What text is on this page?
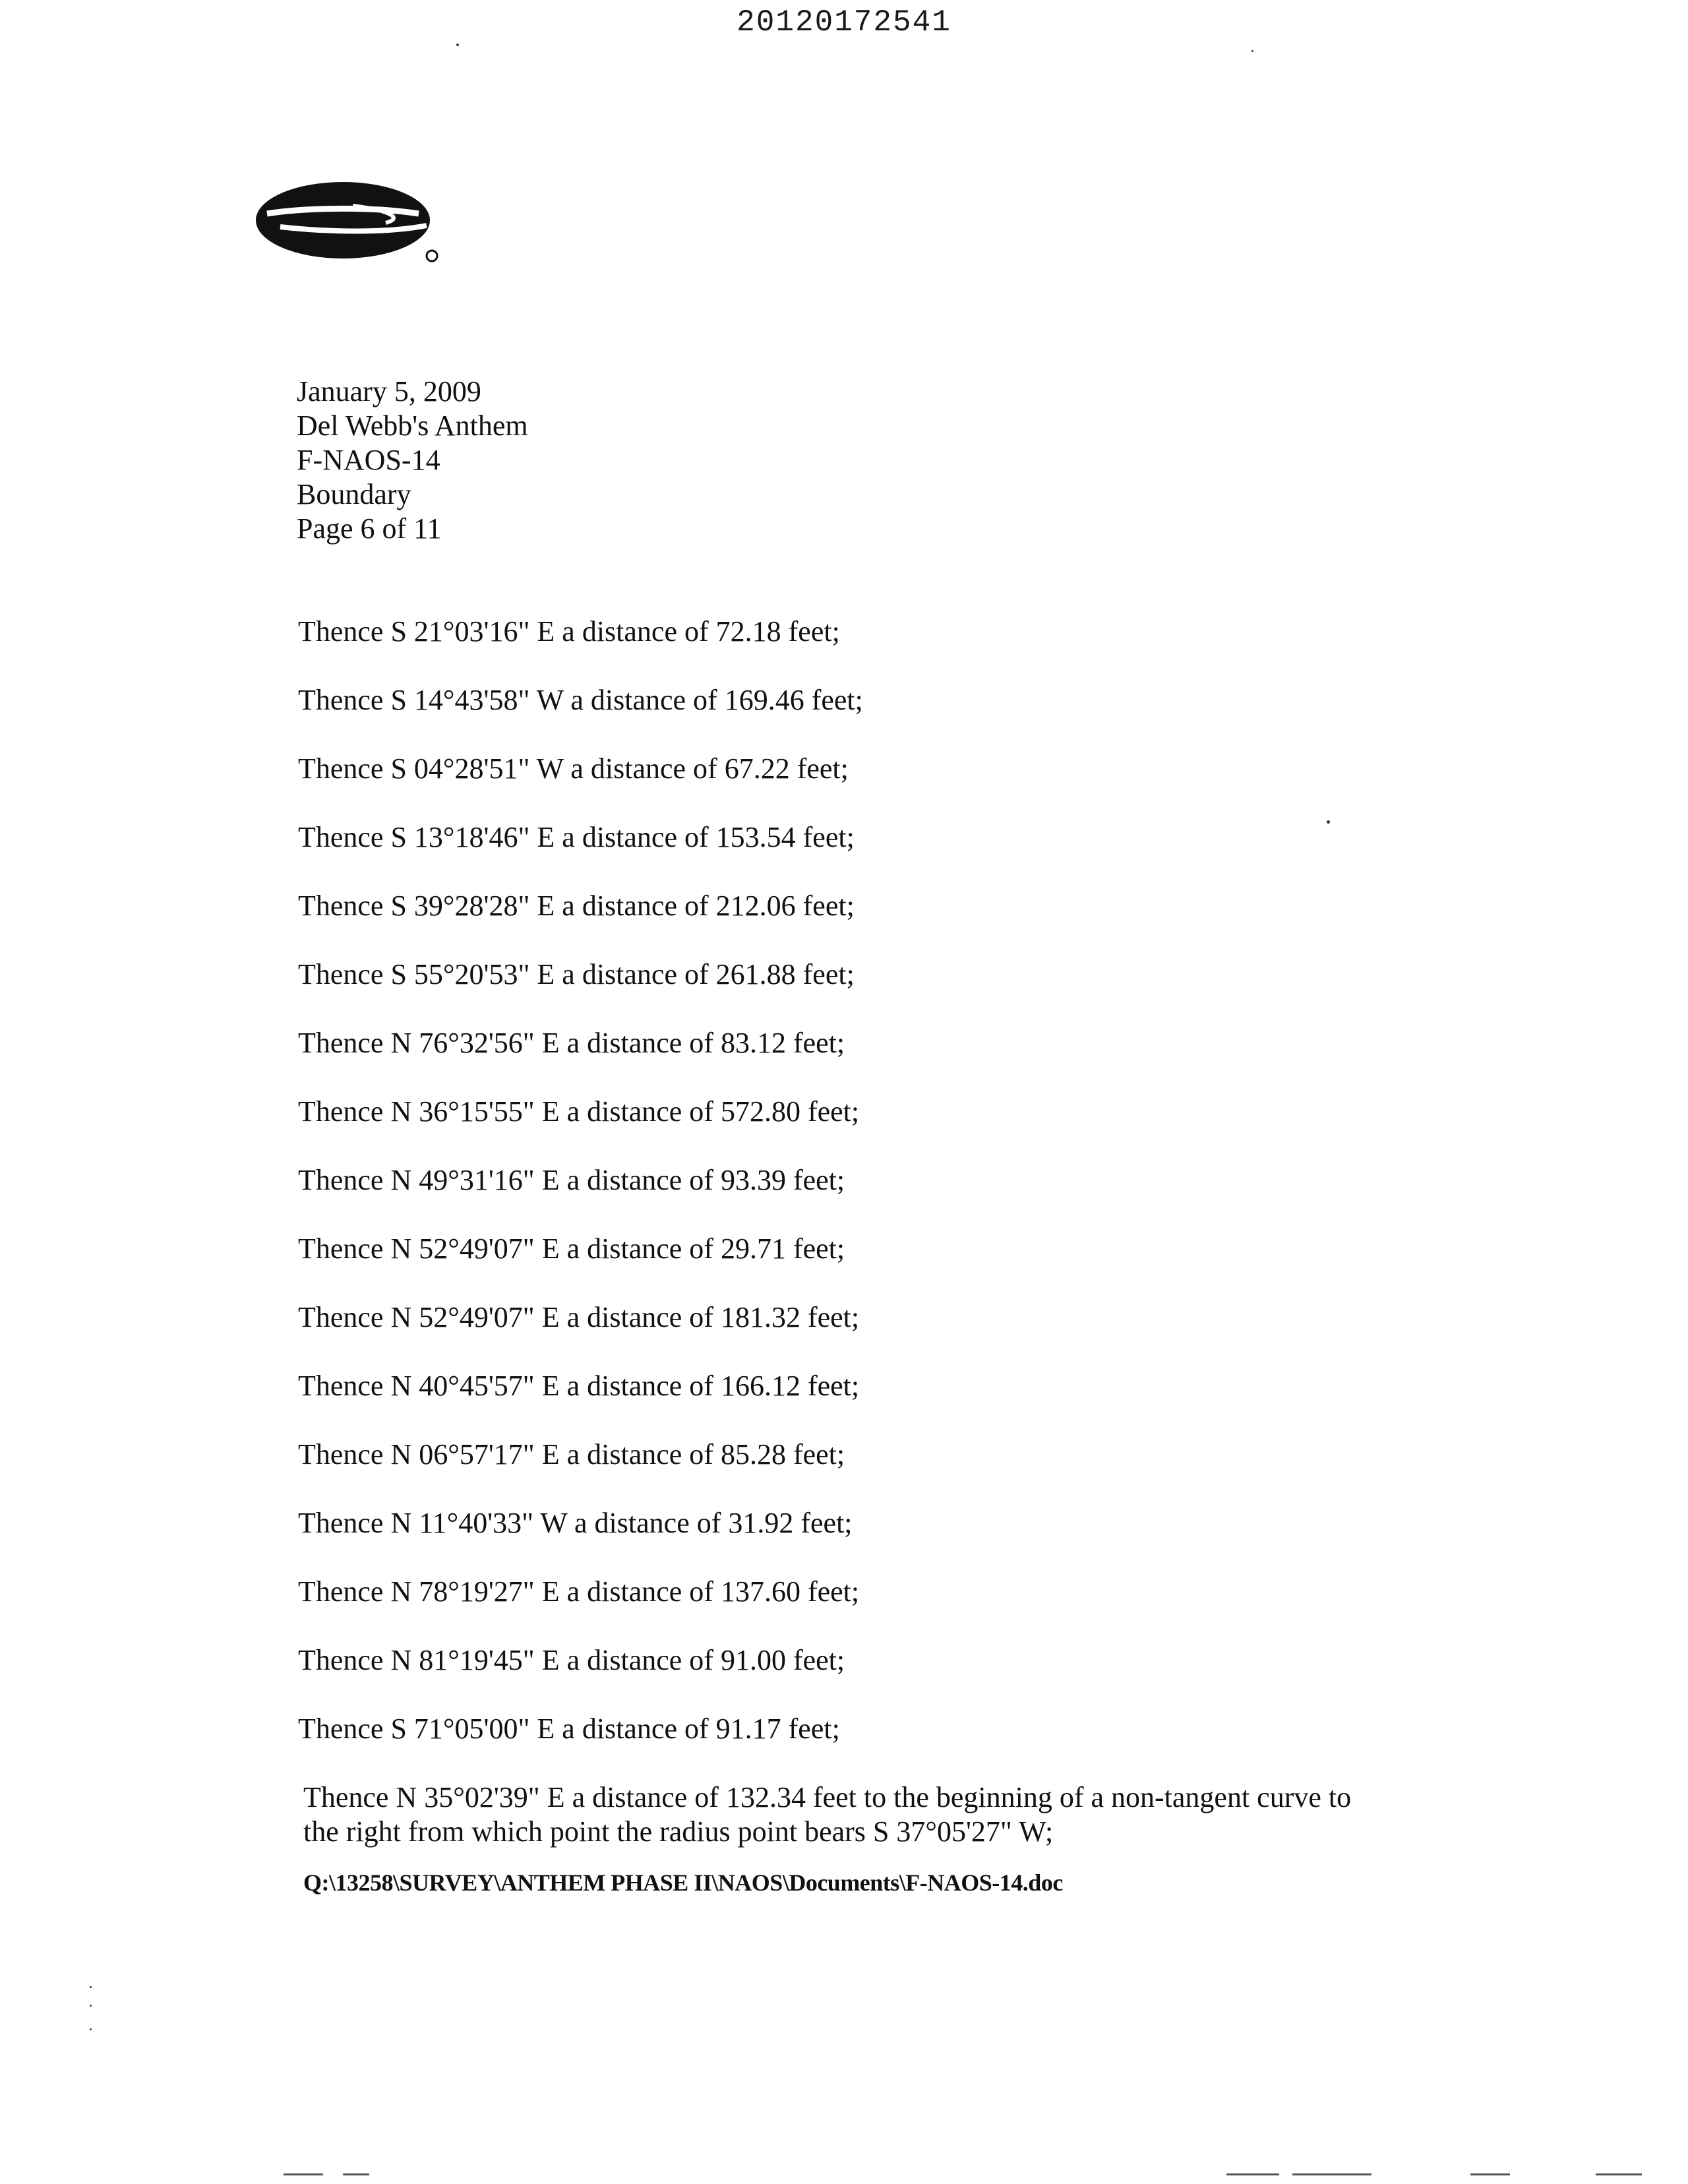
20120172541
January 5, 2009
Del Webb's Anthem
F-NAOS-14
Boundary
Page 6 of 11
Thence S 21°03'16" E a distance of 72.18 feet;
Thence S 14°43'58" W a distance of 169.46 feet;
Thence S 04°28'51" W a distance of 67.22 feet;
Thence S 13°18'46" E a distance of 153.54 feet;
Thence S 39°28'28" E a distance of 212.06 feet;
Thence S 55°20'53" E a distance of 261.88 feet;
Thence N 76°32'56" E a distance of 83.12 feet;
Thence N 36°15'55" E a distance of 572.80 feet;
Thence N 49°31'16" E a distance of 93.39 feet;
Thence N 52°49'07" E a distance of 29.71 feet;
Thence N 52°49'07" E a distance of 181.32 feet;
Thence N 40°45'57" E a distance of 166.12 feet;
Thence N 06°57'17" E a distance of 85.28 feet;
Thence N 11°40'33" W a distance of 31.92 feet;
Thence N 78°19'27" E a distance of 137.60 feet;
Thence N 81°19'45" E a distance of 91.00 feet;
Thence S 71°05'00" E a distance of 91.17 feet;
Thence N 35°02'39" E a distance of 132.34 feet to the beginning of a non-tangent curve to the right from which point the radius point bears S 37°05'27" W;
Q:\13258\SURVEY\ANTHEM PHASE II\NAOS\Documents\F-NAOS-14.doc
